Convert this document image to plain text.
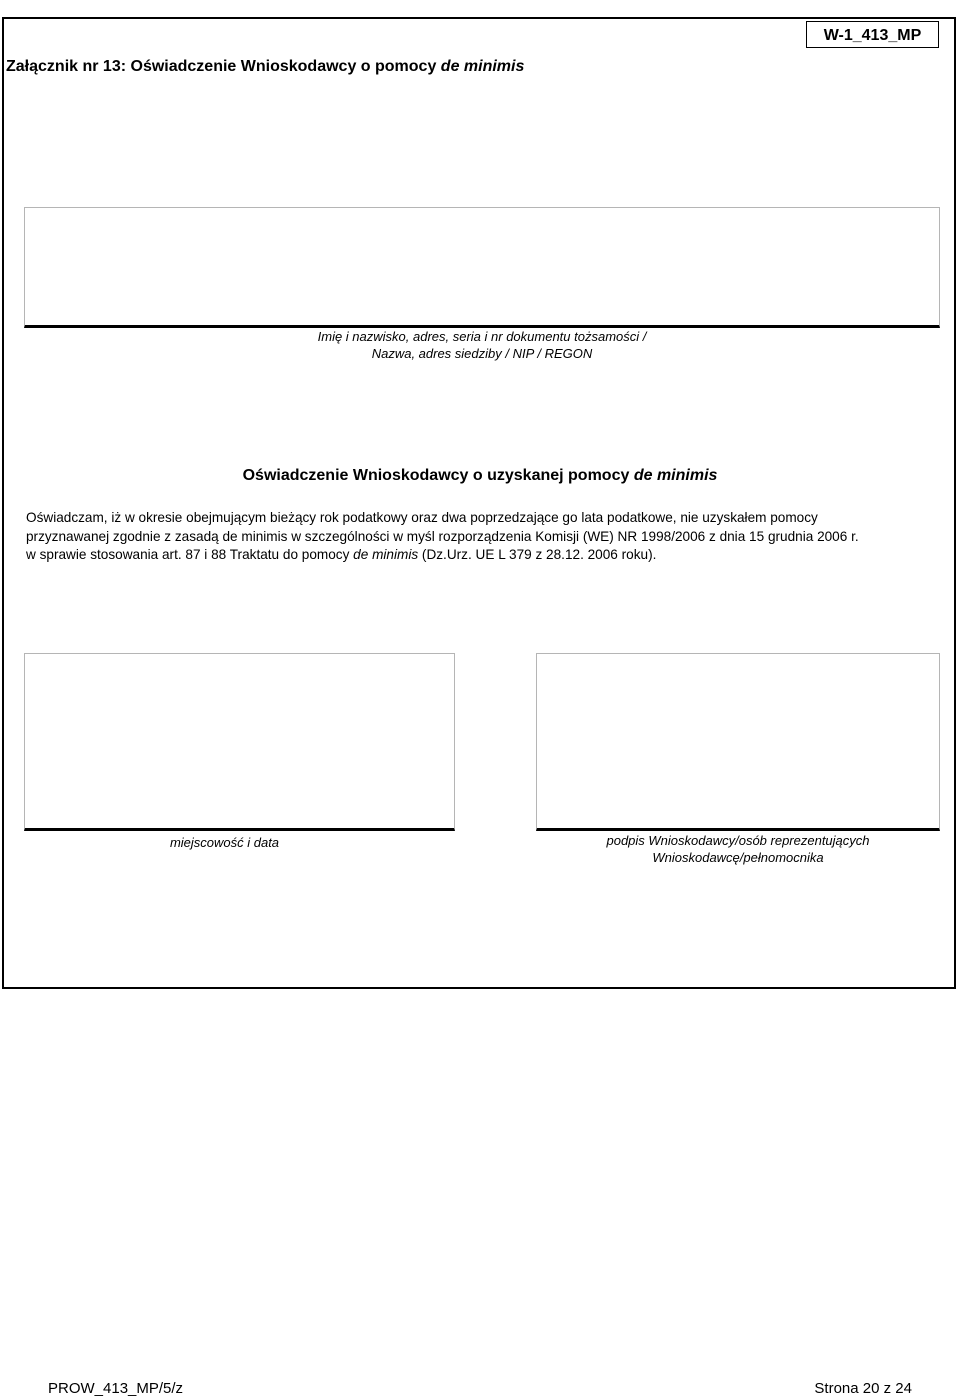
W-1_413_MP
Załącznik nr 13: Oświadczenie Wnioskodawcy o pomocy de minimis
Imię i nazwisko, adres, seria i nr dokumentu tożsamości /
Nazwa, adres siedziby / NIP / REGON
Oświadczenie Wnioskodawcy o uzyskanej pomocy de minimis
Oświadczam, iż w okresie obejmującym bieżący rok podatkowy oraz dwa poprzedzające go lata podatkowe, nie uzyskałem pomocy
przyznawanej zgodnie z zasadą de minimis w szczególności w myśl rozporządzenia Komisji (WE) NR 1998/2006 z dnia 15 grudnia 2006 r.
w sprawie stosowania art. 87 i 88 Traktatu do pomocy de minimis (Dz.Urz. UE L 379 z 28.12. 2006 roku).
miejscowość i data	podpis Wnioskodawcy/osób reprezentujących
Wnioskodawcę/pełnomocnika
PROW_413_MP/5/z	Strona 20 z 24
